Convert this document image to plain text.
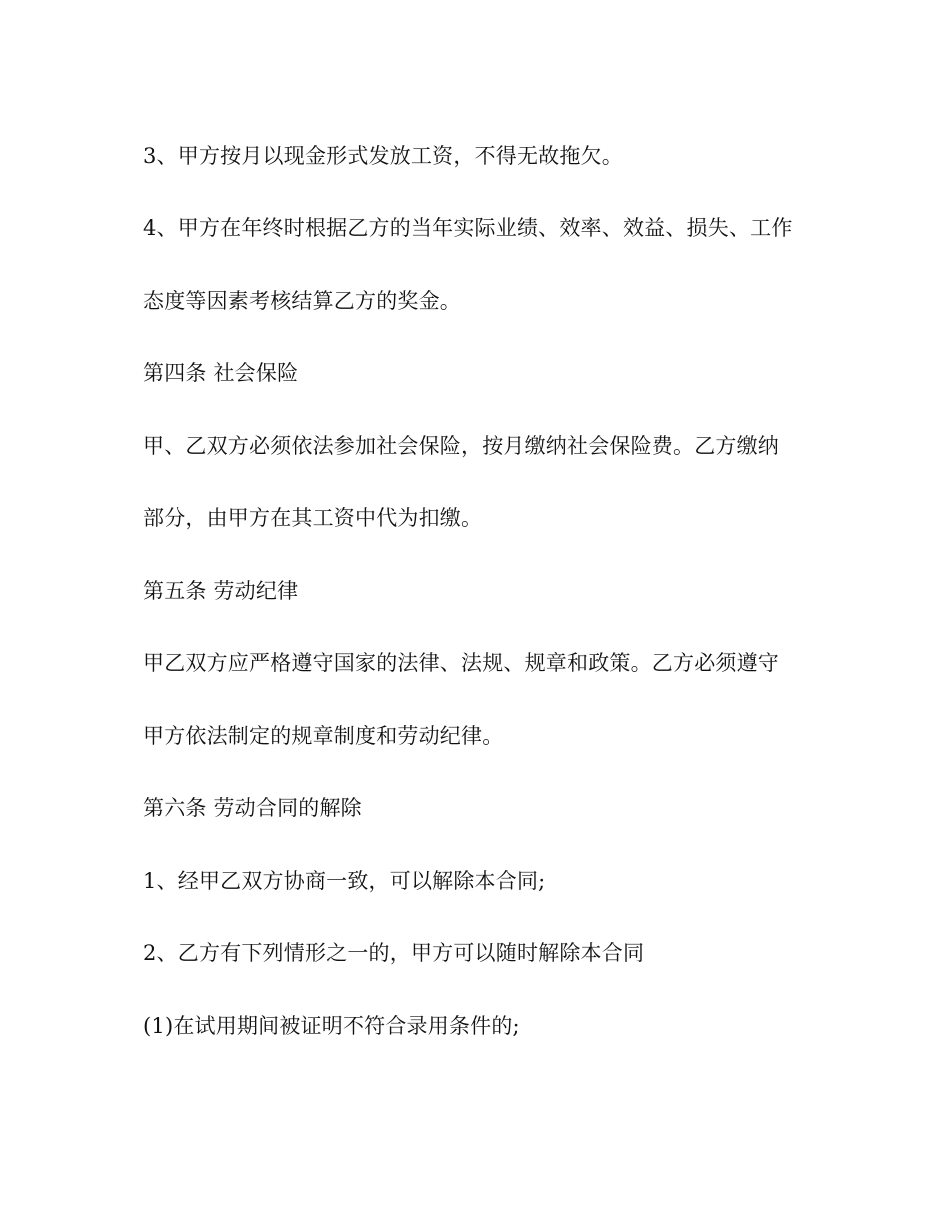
3、甲方按月以现金形式发放工资，不得无故拖欠。

4、甲方在年终时根据乙方的当年实际业绩、效率、效益、损失、工作

态度等因素考核结算乙方的奖金。

第四条 社会保险

甲、乙双方必须依法参加社会保险，按月缴纳社会保险费。乙方缴纳

部分，由甲方在其工资中代为扣缴。

第五条 劳动纪律

甲乙双方应严格遵守国家的法律、法规、规章和政策。乙方必须遵守

甲方依法制定的规章制度和劳动纪律。

第六条 劳动合同的解除

1、经甲乙双方协商一致，可以解除本合同;

2、乙方有下列情形之一的，甲方可以随时解除本合同

(1)在试用期间被证明不符合录用条件的;
